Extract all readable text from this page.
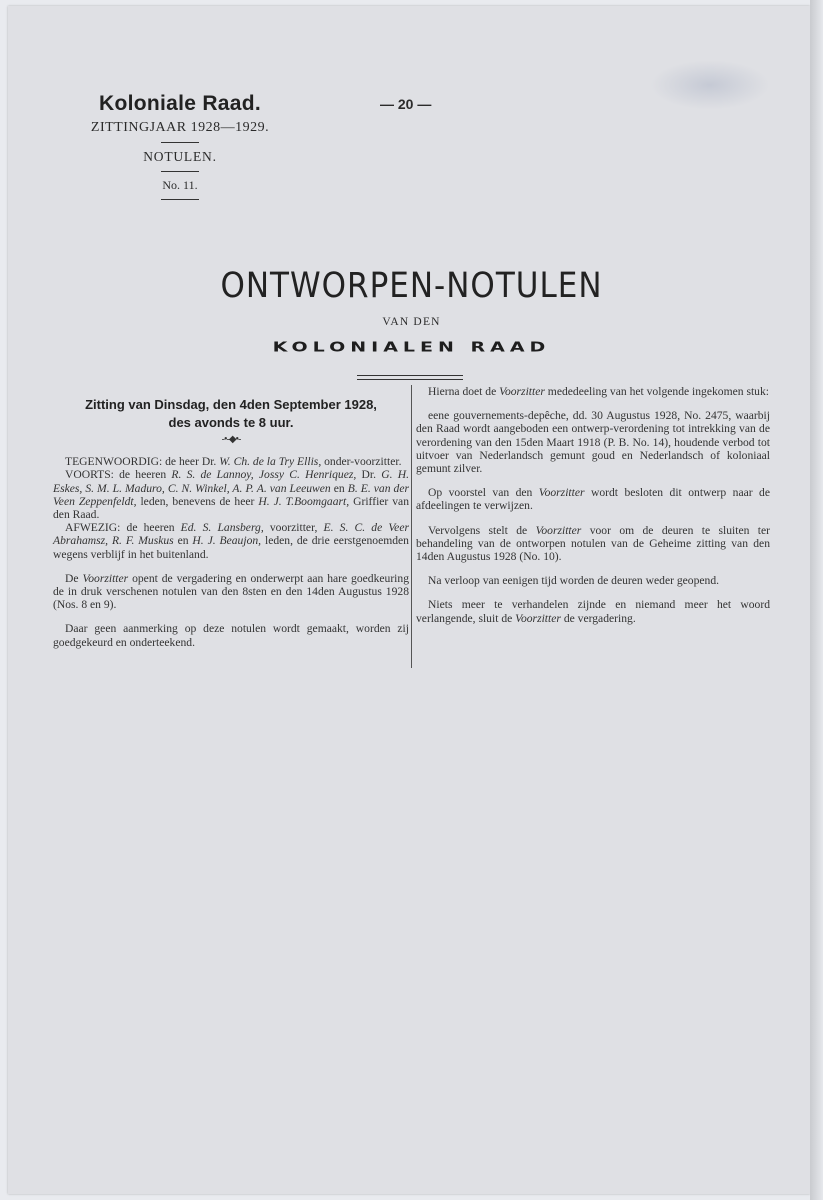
Koloniale Raad.
ZITTINGJAAR 1928—1929.
NOTULEN.
No. 11.
— 20 —
ONTWORPEN-NOTULEN
VAN DEN
KOLONIALEN RAAD
Zitting van Dinsdag, den 4den September 1928,
des avonds te 8 uur.
-•-◆•-

TEGENWOORDIG: de heer Dr. W. Ch. de la Try Ellis, onder-voorzitter.

VOORTS: de heeren R. S. de Lannoy, Jossy C. Henriquez, Dr. G. H. Eskes, S. M. L. Maduro, C. N. Winkel, A. P. A. van Leeuwen en B. E. van der Veen Zeppenfeldt, leden, benevens de heer H. J. T.Boomgaart, Griffier van den Raad.

AFWEZIG: de heeren Ed. S. Lansberg, voorzitter, E. S. C. de Veer Abrahamsz, R. F. Muskus en H. J. Beaujon, leden, de drie eerstgenoemden wegens verblijf in het buitenland.

De Voorzitter opent de vergadering en onderwerpt aan hare goedkeuring de in druk verschenen notulen van den 8sten en den 14den Augustus 1928 (Nos. 8 en 9).

Daar geen aanmerking op deze notulen wordt gemaakt, worden zij goedgekeurd en onderteekend.

Hierna doet de Voorzitter mededeeling van het volgende ingekomen stuk:

eene gouvernements-depêche, dd. 30 Augustus 1928, No. 2475, waarbij den Raad wordt aangeboden een ontwerp-verordening tot intrekking van de verordening van den 15den Maart 1918 (P. B. No. 14), houdende verbod tot uitvoer van Nederlandsch gemunt goud en Nederlandsch of koloniaal gemunt zilver.

Op voorstel van den Voorzitter wordt besloten dit ontwerp naar de afdeelingen te verwijzen.

Vervolgens stelt de Voorzitter voor om de deuren te sluiten ter behandeling van de ontworpen notulen van de Geheime zitting van den 14den Augustus 1928 (No. 10).

Na verloop van eenigen tijd worden de deuren weder geopend.

Niets meer te verhandelen zijnde en niemand meer het woord verlangende, sluit de Voorzitter de vergadering.
